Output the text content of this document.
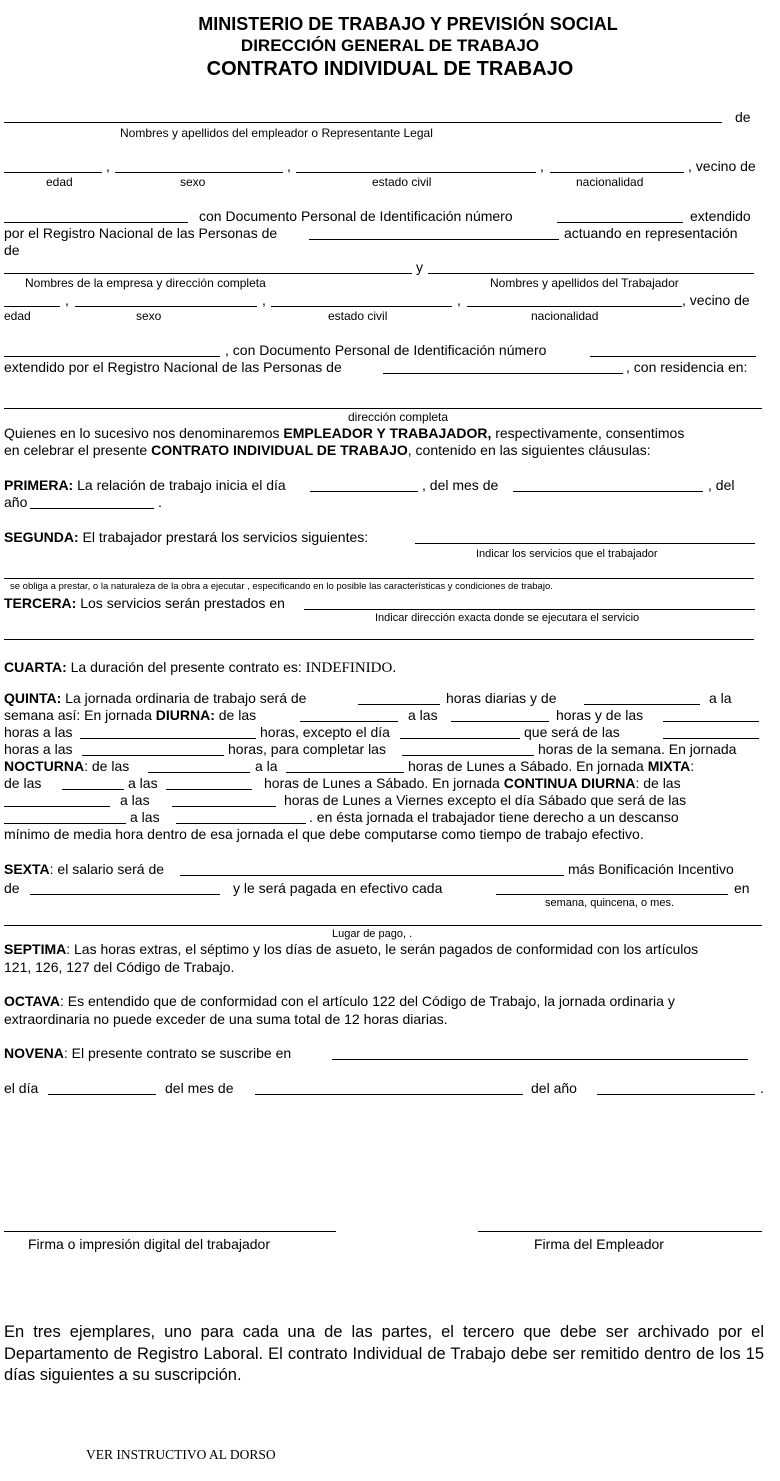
MINISTERIO DE TRABAJO Y PREVISIÓN SOCIAL
DIRECCIÓN GENERAL DE TRABAJO
CONTRATO INDIVIDUAL DE TRABAJO
de
Nombres y apellidos del empleador o Representante Legal
,	,	,	, vecino de
edad	sexo	estado civil	nacionalidad
con Documento Personal de Identificación número	extendido
por el Registro Nacional de las Personas de	actuando en representación
de
y
Nombres de la empresa y dirección completa	Nombres y apellidos del Trabajador
,	,	,	, vecino de
edad	sexo	estado civil	nacionalidad
, con Documento Personal de Identificación número
extendido por el Registro Nacional de las Personas de	, con residencia en:
dirección completa
Quienes en lo sucesivo nos denominaremos EMPLEADOR Y TRABAJADOR, respectivamente, consentimos
en celebrar el presente CONTRATO INDIVIDUAL DE TRABAJO, contenido en las siguientes cláusulas:
PRIMERA: La relación de trabajo inicia el día	, del mes de	, del
año	.
SEGUNDA: El trabajador prestará los servicios siguientes:
Indicar los servicios que el trabajador
se obliga a prestar, o la naturaleza de la obra a ejecutar , especificando en lo posible las características y condiciones de trabajo.
TERCERA: Los servicios serán prestados en
Indicar dirección exacta donde se ejecutara el servicio
CUARTA: La duración del presente contrato es: INDEFINIDO.
QUINTA: La jornada ordinaria de trabajo será de	horas diarias y de	a la
semana así: En jornada DIURNA: de las	a las	horas y de las
horas a las	horas, excepto el día	que será de las
horas a las	horas, para completar las	horas de la semana. En jornada
NOCTURNA: de las	a la	horas de Lunes a Sábado. En jornada MIXTA:
de las	a las	horas de Lunes a Sábado. En jornada CONTINUA DIURNA: de las
a las	horas de Lunes a Viernes excepto el día Sábado que será de las
a las	. en ésta jornada el trabajador tiene derecho a un descanso
mínimo de media hora dentro de esa jornada el que debe computarse como tiempo de trabajo efectivo.
SEXTA: el salario será de	más Bonificación Incentivo
de	y le será pagada en efectivo cada	en
semana, quincena, o mes.
Lugar de pago, .
SEPTIMA: Las horas extras, el séptimo y los días de asueto, le serán pagados de conformidad con los artículos
121, 126, 127 del Código de Trabajo.
OCTAVA: Es entendido que de conformidad con el artículo 122 del Código de Trabajo, la jornada ordinaria y
extraordinaria no puede exceder de una suma total de 12 horas diarias.
NOVENA: El presente contrato se suscribe en
el día	del mes de	del año	.
Firma o impresión digital del trabajador	Firma del Empleador
En tres ejemplares, uno para cada una de las partes, el tercero que debe ser archivado por el Departamento de Registro Laboral. El contrato Individual de Trabajo debe ser remitido dentro de los 15 días siguientes a su suscripción.
VER INSTRUCTIVO AL DORSO
